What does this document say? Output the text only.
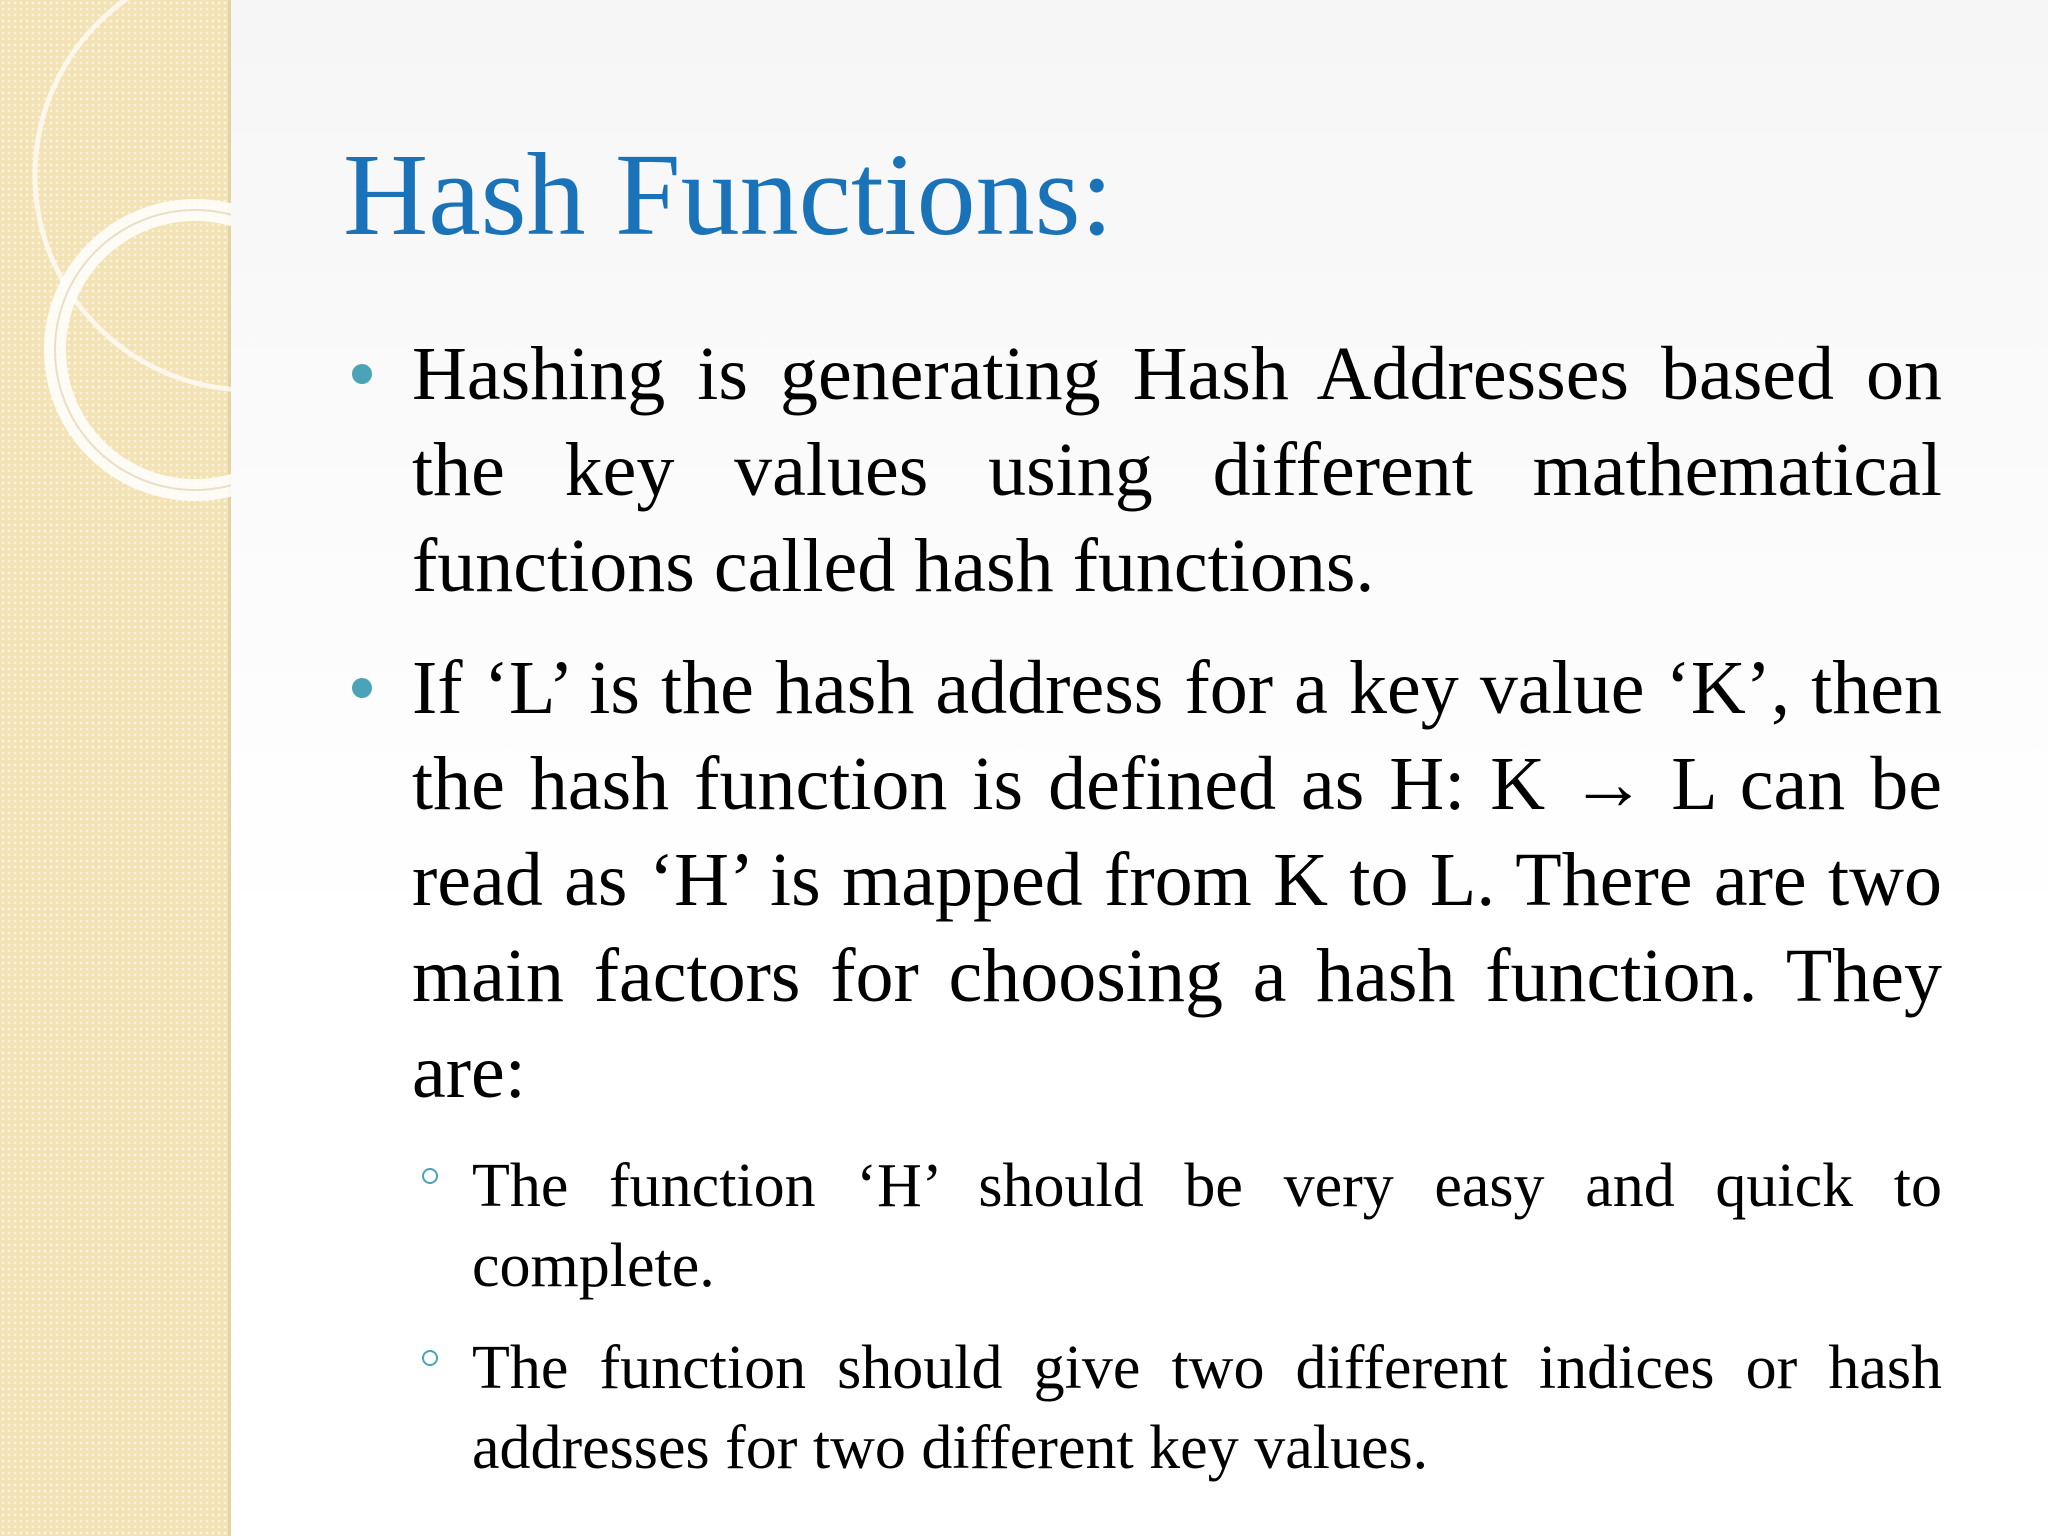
Hash Functions:
Hashing is generating Hash Addresses based on the key values using different mathematical functions called hash functions.
If ‘L’ is the hash address for a key value ‘K’, then the hash function is defined as H: K → L can be read as ‘H’ is mapped from K to L. There are two main factors for choosing a hash function. They are:
The function ‘H’ should be very easy and quick to complete.
The function should give two different indices or hash addresses for two different key values.
